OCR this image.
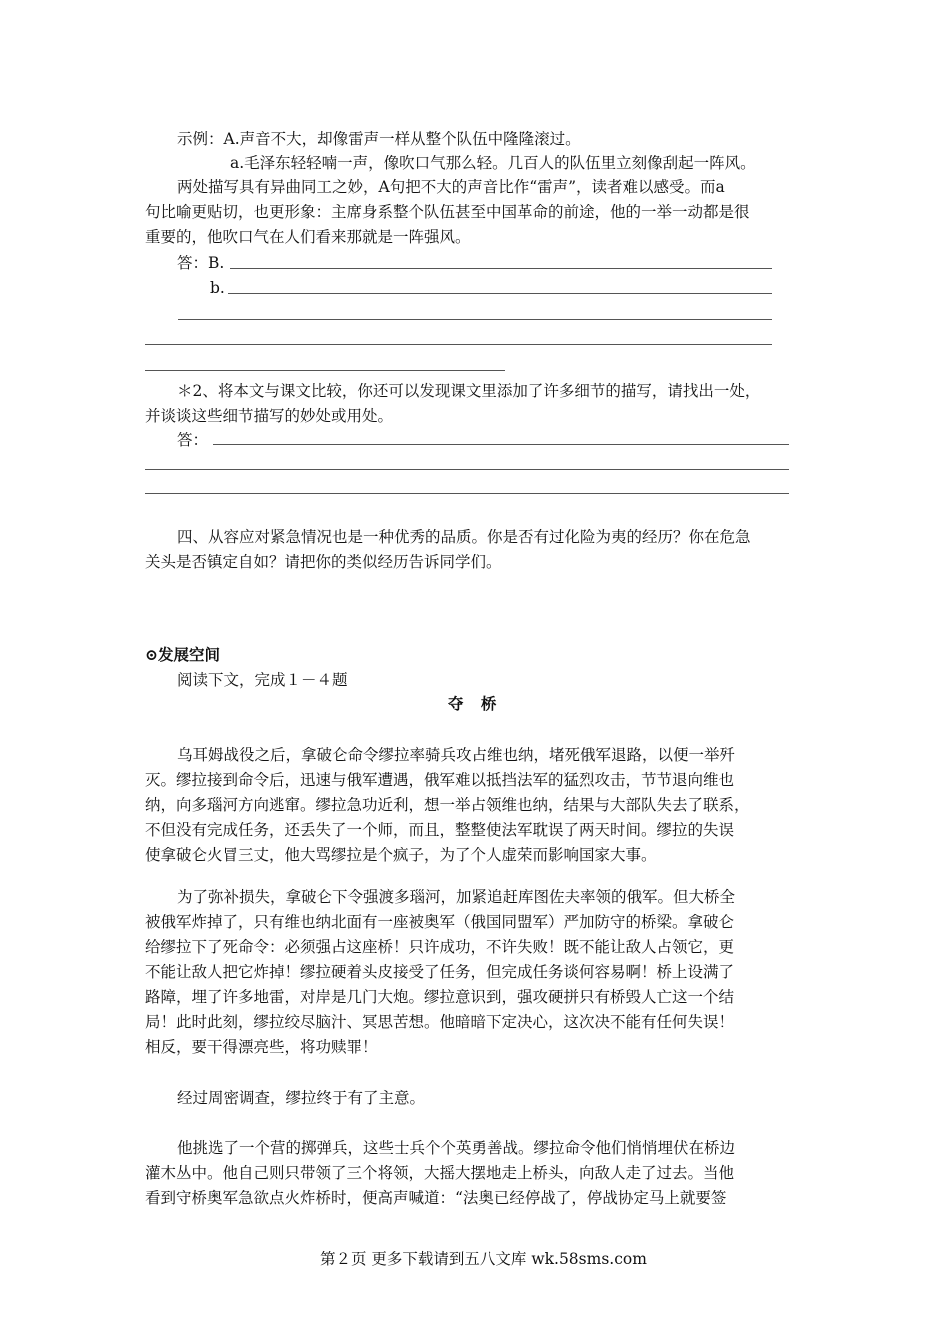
示例：A.声音不大，却像雷声一样从整个队伍中隆隆滚过。
a.毛泽东轻轻喃一声，像吹口气那么轻。几百人的队伍里立刻像刮起一阵风。
两处描写具有异曲同工之妙，A句把不大的声音比作“雷声”，读者难以感受。而a
句比喻更贴切，也更形象：主席身系整个队伍甚至中国革命的前途，他的一举一动都是很
重要的，他吹口气在人们看来那就是一阵强风。
答：B.
b.
＊2、将本文与课文比较，你还可以发现课文里添加了许多细节的描写，请找出一处，
并谈谈这些细节描写的妙处或用处。
答：
四、从容应对紧急情况也是一种优秀的品质。你是否有过化险为夷的经历？你在危急
关头是否镇定自如？请把你的类似经历告诉同学们。
⊙发展空间
阅读下文，完成１－４题
夺 桥
乌耳姆战役之后，拿破仑命令缪拉率骑兵攻占维也纳，堵死俄军退路，以便一举歼
灭。缪拉接到命令后，迅速与俄军遭遇，俄军难以抵挡法军的猛烈攻击，节节退向维也
纳，向多瑙河方向逃窜。缪拉急功近利，想一举占领维也纳，结果与大部队失去了联系，
不但没有完成任务，还丢失了一个师，而且，整整使法军耽误了两天时间。缪拉的失误
使拿破仑火冒三丈，他大骂缪拉是个疯子，为了个人虚荣而影响国家大事。
为了弥补损失，拿破仑下令强渡多瑙河，加紧追赶库图佐夫率领的俄军。但大桥全
被俄军炸掉了，只有维也纳北面有一座被奥军（俄国同盟军）严加防守的桥梁。拿破仑
给缪拉下了死命令：必须强占这座桥！只许成功，不许失败！既不能让敌人占领它，更
不能让敌人把它炸掉！缪拉硬着头皮接受了任务，但完成任务谈何容易啊！桥上设满了
路障，埋了许多地雷，对岸是几门大炮。缪拉意识到，强攻硬拼只有桥毁人亡这一个结
局！此时此刻，缪拉绞尽脑汁、冥思苦想。他暗暗下定决心，这次决不能有任何失误！
相反，要干得漂亮些，将功赎罪！
经过周密调查，缪拉终于有了主意。
他挑选了一个营的掷弹兵，这些士兵个个英勇善战。缪拉命令他们悄悄埋伏在桥边
灌木丛中。他自己则只带领了三个将领，大摇大摆地走上桥头，向敌人走了过去。当他
看到守桥奥军急欲点火炸桥时，便高声喊道：“法奥已经停战了，停战协定马上就要签
第２页 更多下载请到五八文库 wk.58sms.com
